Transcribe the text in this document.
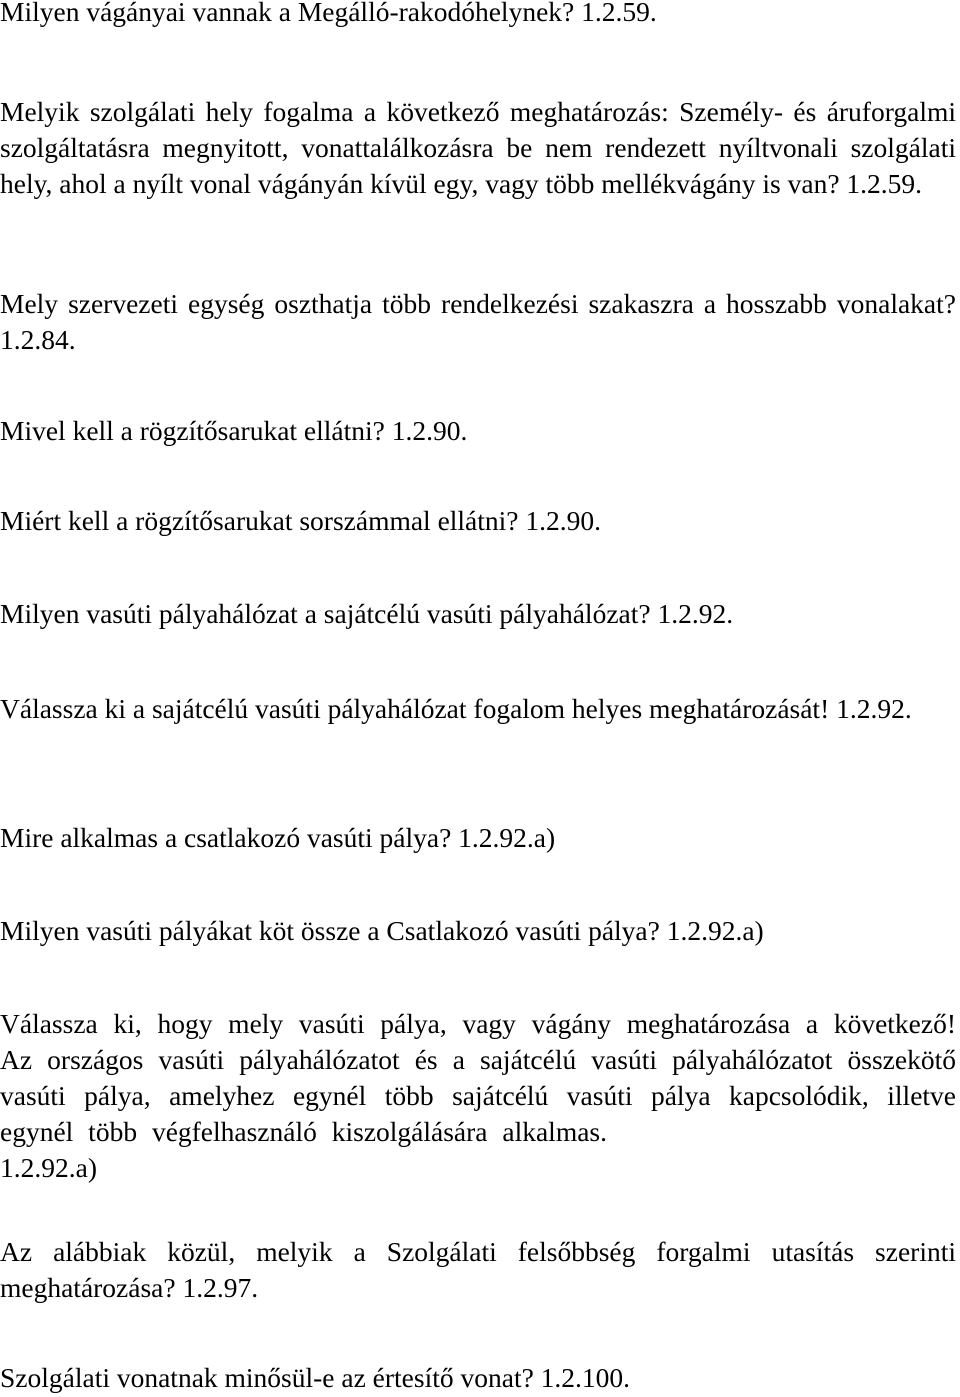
Milyen vágányai vannak a Megálló-rakodóhelynek? 1.2.59.

Melyik szolgálati hely fogalma a következő meghatározás: Személy- és áruforgalmi szolgáltatásra megnyitott, vonattalálkozásra be nem rendezett nyíltvonali szolgálati hely, ahol a nyílt vonal vágányán kívül egy, vagy több mellékvágány is van? 1.2.59.

Mely szervezeti egység oszthatja több rendelkezési szakaszra a hosszabb vonalakat? 1.2.84.

Mivel kell a rögzítősarukat ellátni? 1.2.90.

Miért kell a rögzítősarukat sorszámmal ellátni? 1.2.90.

Milyen vasúti pályahálózat a sajátcélú vasúti pályahálózat? 1.2.92.

Válassza ki a sajátcélú vasúti pályahálózat fogalom helyes meghatározását! 1.2.92.

Mire alkalmas a csatlakozó vasúti pálya? 1.2.92.a)

Milyen vasúti pályákat köt össze a Csatlakozó vasúti pálya? 1.2.92.a)

Válassza ki, hogy mely vasúti pálya, vagy vágány meghatározása a következő! Az országos vasúti pályahálózatot és a sajátcélú vasúti pályahálózatot összekötő vasúti pálya, amelyhez egynél több sajátcélú vasúti pálya kapcsolódik, illetve egynél több végfelhasználó kiszolgálására alkalmas.
1.2.92.a)

Az alábbiak közül, melyik a Szolgálati felsőbbség forgalmi utasítás szerinti meghatározása? 1.2.97.

Szolgálati vonatnak minősül-e az értesítő vonat? 1.2.100.
